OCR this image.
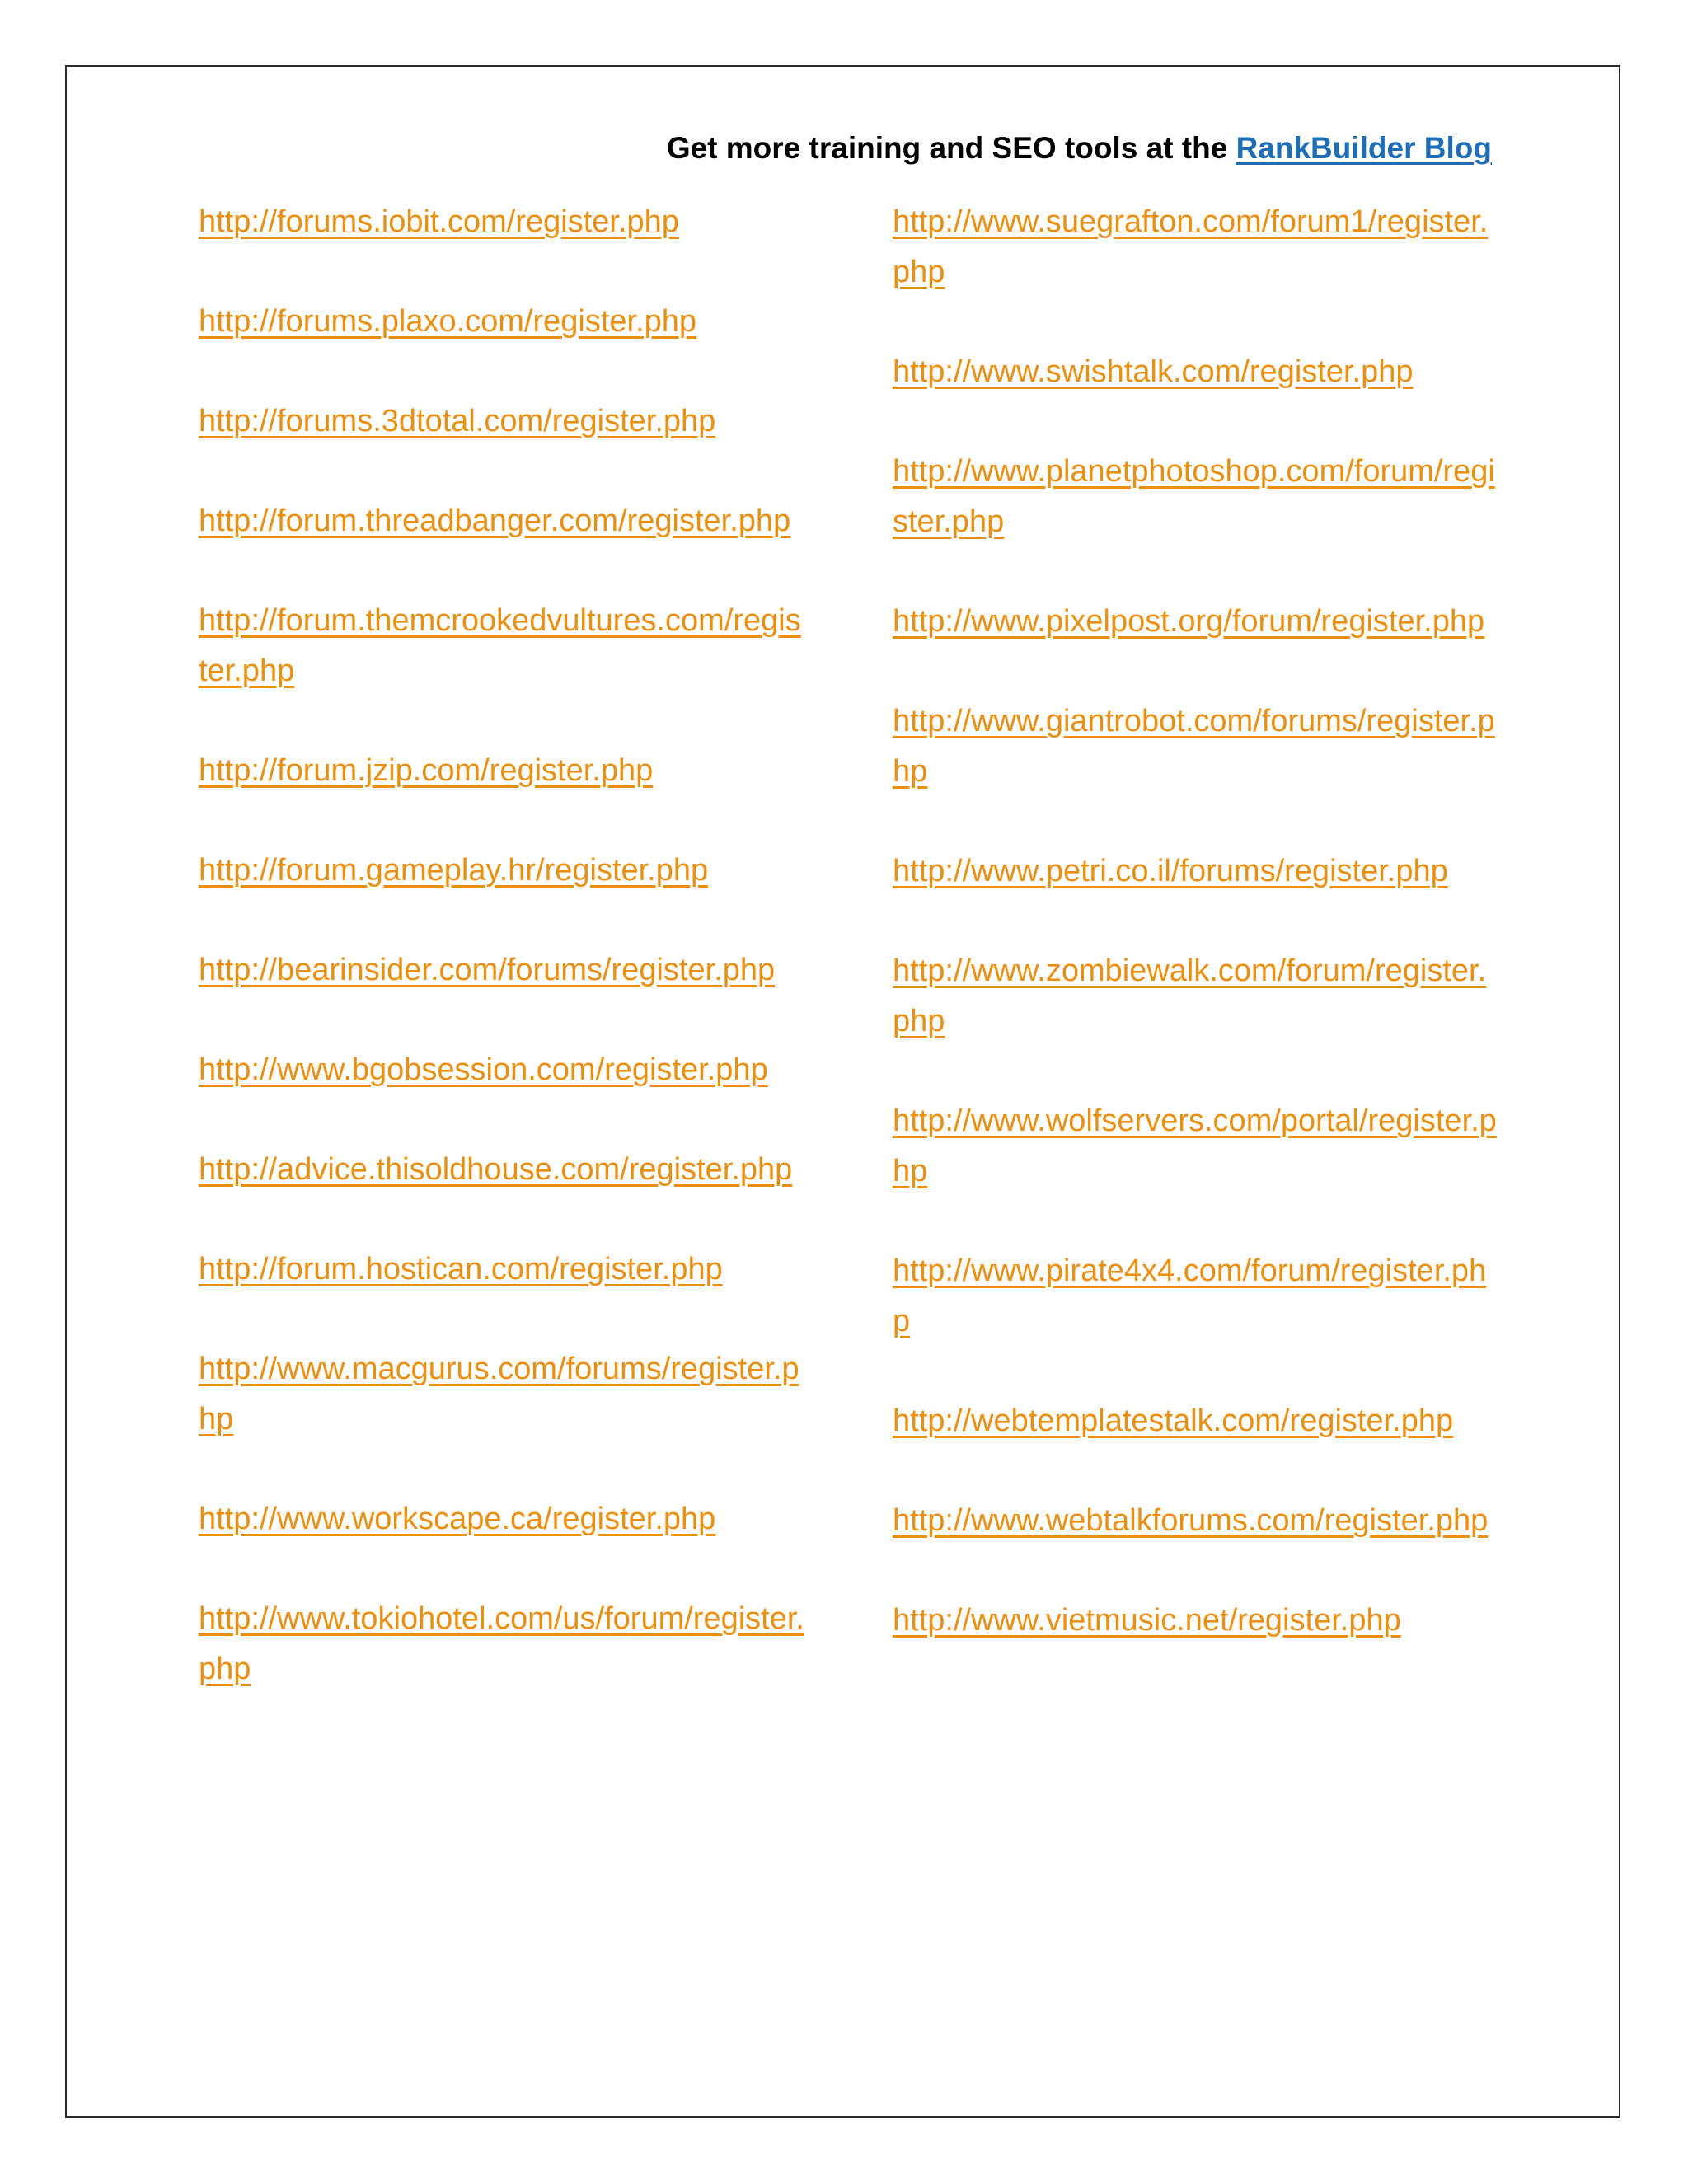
Get more training and SEO tools at the RankBuilder Blog
http://forums.iobit.com/register.php
http://forums.plaxo.com/register.php
http://forums.3dtotal.com/register.php
http://forum.threadbanger.com/register.php
http://forum.themcrookedvultures.com/register.php
http://forum.jzip.com/register.php
http://forum.gameplay.hr/register.php
http://bearinsider.com/forums/register.php
http://www.bgobsession.com/register.php
http://advice.thisoldhouse.com/register.php
http://forum.hostican.com/register.php
http://www.macgurus.com/forums/register.php
http://www.workscape.ca/register.php
http://www.tokiohotel.com/us/forum/register.php
http://www.suegrafton.com/forum1/register.php
http://www.swishtalk.com/register.php
http://www.planetphotoshop.com/forum/register.php
http://www.pixelpost.org/forum/register.php
http://www.giantrobot.com/forums/register.php
http://www.petri.co.il/forums/register.php
http://www.zombiewalk.com/forum/register.php
http://www.wolfservers.com/portal/register.php
http://www.pirate4x4.com/forum/register.php
http://webtemplatestalk.com/register.php
http://www.webtalkforums.com/register.php
http://www.vietmusic.net/register.php
